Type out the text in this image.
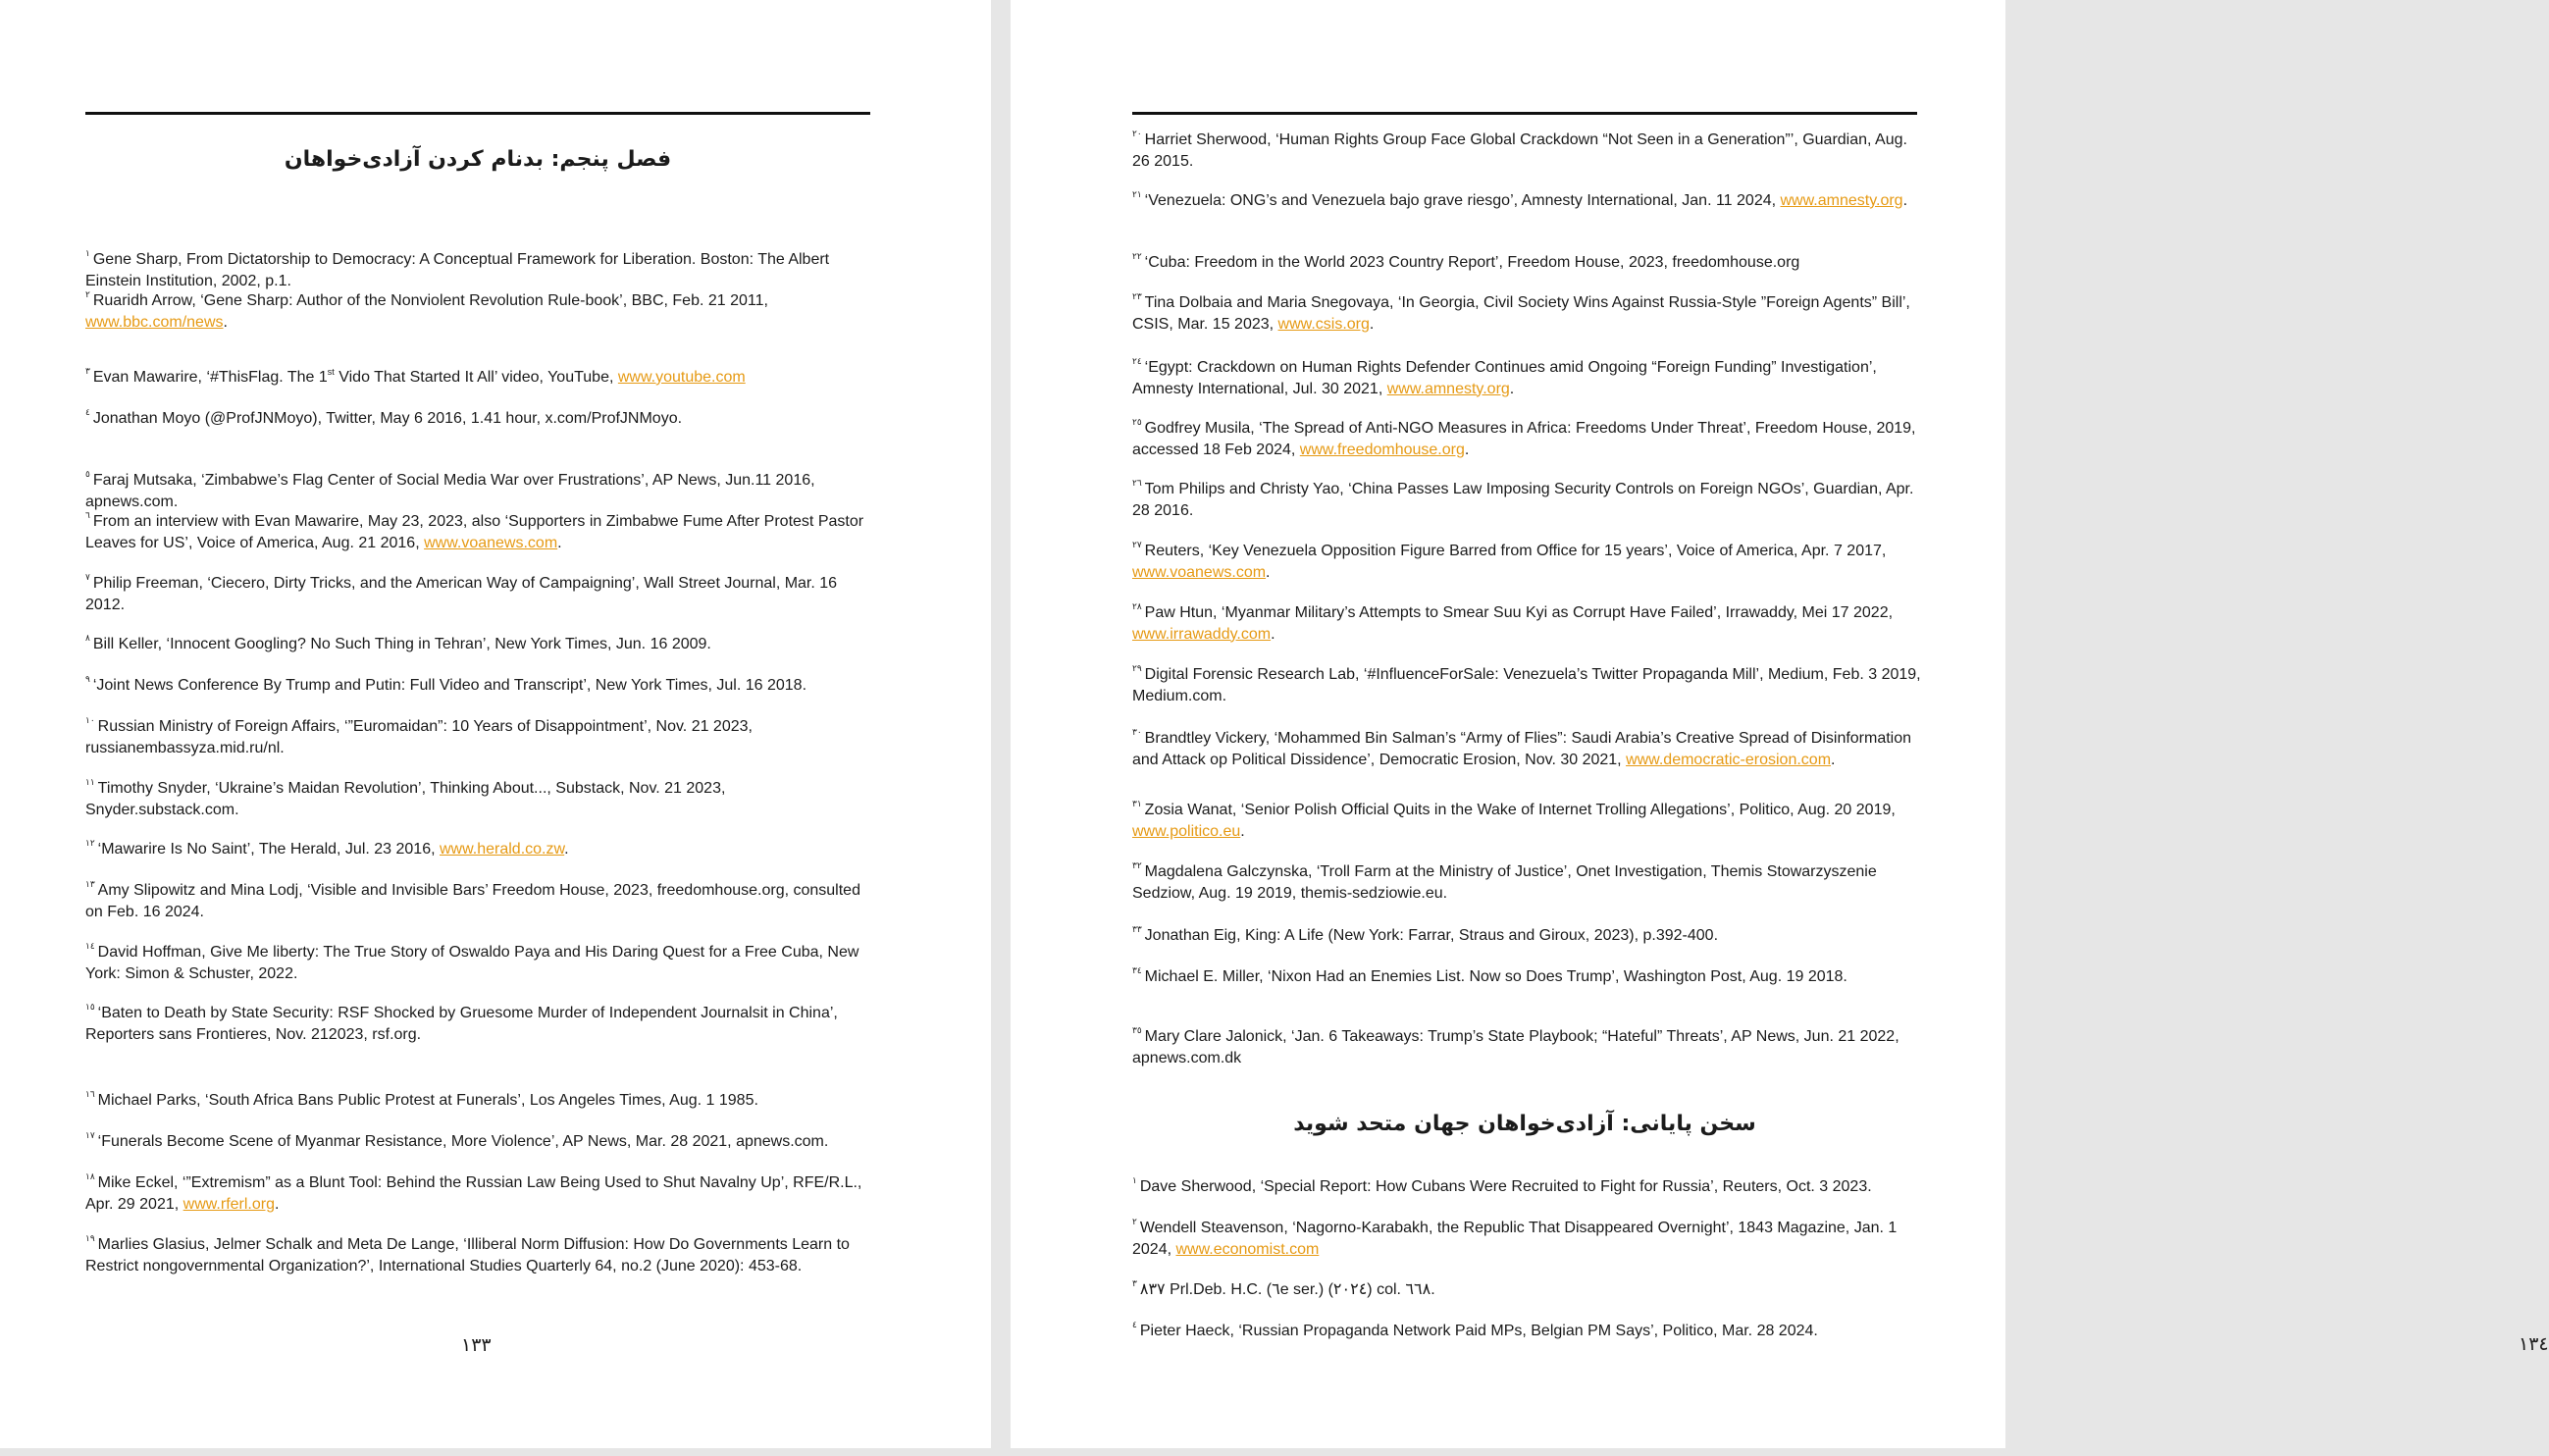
فصل پنجم: بدنام کردن آزادی‌خواهان

$^١$ Gene Sharp, From Dictatorship to Democracy: A Conceptual Framework for Liberation. Boston: The Albert Einstein Institution, 2002, p.1.

$^٢$ Ruaridh Arrow, ‘Gene Sharp: Author of the Nonviolent Revolution Rule-book’, BBC, Feb. 21 2011, www.bbc.com/news.

$^٣$ Evan Mawarire, ‘#ThisFlag. The 1st Vido That Started It All’ video, YouTube, www.youtube.com

$^٤$ Jonathan Moyo (@ProfJNMoyo), Twitter, May 6 2016, 1.41 hour, x.com/ProfJNMoyo.

$^٥$ Faraj Mutsaka, ‘Zimbabwe’s Flag Center of Social Media War over Frustrations’, AP News, Jun.11 2016, apnews.com.

$^٦$ From an interview with Evan Mawarire, May 23, 2023, also ‘Supporters in Zimbabwe Fume After Protest Pastor Leaves for US’, Voice of America, Aug. 21 2016, www.voanews.com.

$^٧$ Philip Freeman, ‘Ciecero, Dirty Tricks, and the American Way of Campaigning’, Wall Street Journal, Mar. 16 2012.

$^٨$ Bill Keller, ‘Innocent Googling? No Such Thing in Tehran’, New York Times, Jun. 16 2009.

$^٩$ ‘Joint News Conference By Trump and Putin: Full Video and Transcript’, New York Times, Jul. 16 2018.

$^{١٠}$ Russian Ministry of Foreign Affairs, ‘”Euromaidan”: 10 Years of Disappointment’, Nov. 21 2023, russianembassyza.mid.ru/nl.

$^{١١}$ Timothy Snyder, ‘Ukraine’s Maidan Revolution’, Thinking About..., Substack, Nov. 21 2023, Snyder.substack.com.

$^{١٢}$ ‘Mawarire Is No Saint’, The Herald, Jul. 23 2016, www.herald.co.zw.

$^{١٣}$ Amy Slipowitz and Mina Lodj, ‘Visible and Invisible Bars’ Freedom House, 2023, freedomhouse.org, consulted on Feb. 16 2024.

$^{١٤}$ David Hoffman, Give Me liberty: The True Story of Oswaldo Paya and His Daring Quest for a Free Cuba, New York: Simon & Schuster, 2022.

$^{١٥}$ ‘Baten to Death by State Security: RSF Shocked by Gruesome Murder of Independent Journalsit in China’, Reporters sans Frontieres, Nov. 212023, rsf.org.

$^{١٦}$ Michael Parks, ‘South Africa Bans Public Protest at Funerals’, Los Angeles Times, Aug. 1 1985.

$^{١٧}$ ‘Funerals Become Scene of Myanmar Resistance, More Violence’, AP News, Mar. 28 2021, apnews.com.

$^{١٨}$ Mike Eckel, ‘”Extremism” as a Blunt Tool: Behind the Russian Law Being Used to Shut Navalny Up’, RFE/R.L., Apr. 29 2021, www.rferl.org.

$^{١٩}$ Marlies Glasius, Jelmer Schalk and Meta De Lange, ‘Illiberal Norm Diffusion: How Do Governments Learn to Restrict nongovernmental Organization?’, International Studies Quarterly 64, no.2 (June 2020): 453-68.

١٣٣

$^{٢٠}$ Harriet Sherwood, ‘Human Rights Group Face Global Crackdown “Not Seen in a Generation”’, Guardian, Aug. 26 2015.

$^{٢١}$ ‘Venezuela: ONG’s and Venezuela bajo grave riesgo’, Amnesty International, Jan. 11 2024, www.amnesty.org.

$^{٢٢}$ ‘Cuba: Freedom in the World 2023 Country Report’, Freedom House, 2023, freedomhouse.org

$^{٢٣}$ Tina Dolbaia and Maria Snegovaya, ‘In Georgia, Civil Society Wins Against Russia-Style ”Foreign Agents” Bill’, CSIS, Mar. 15 2023, www.csis.org.

$^{٢٤}$ ‘Egypt: Crackdown on Human Rights Defender Continues amid Ongoing “Foreign Funding” Investigation’, Amnesty International, Jul. 30 2021, www.amnesty.org.

$^{٢٥}$ Godfrey Musila, ‘The Spread of Anti-NGO Measures in Africa: Freedoms Under Threat’, Freedom House, 2019, accessed 18 Feb 2024, www.freedomhouse.org.

$^{٢٦}$ Tom Philips and Christy Yao, ‘China Passes Law Imposing Security Controls on Foreign NGOs’, Guardian, Apr. 28 2016.

$^{٢٧}$ Reuters, ‘Key Venezuela Opposition Figure Barred from Office for 15 years’, Voice of America, Apr. 7 2017, www.voanews.com.

$^{٢٨}$ Paw Htun, ‘Myanmar Military’s Attempts to Smear Suu Kyi as Corrupt Have Failed’, Irrawaddy, Mei 17 2022, www.irrawaddy.com.

$^{٢٩}$ Digital Forensic Research Lab, ‘#InfluenceForSale: Venezuela’s Twitter Propaganda Mill’, Medium, Feb. 3 2019, Medium.com.

$^{٣٠}$ Brandtley Vickery, ‘Mohammed Bin Salman’s “Army of Flies”: Saudi Arabia’s Creative Spread of Disinformation and Attack op Political Dissidence’, Democratic Erosion, Nov. 30 2021, www.democratic-erosion.com.

$^{٣١}$ Zosia Wanat, ‘Senior Polish Official Quits in the Wake of Internet Trolling Allegations’, Politico, Aug. 20 2019, www.politico.eu.

$^{٣٢}$ Magdalena Galczynska, ‘Troll Farm at the Ministry of Justice’, Onet Investigation, Themis Stowarzyszenie Sedziow, Aug. 19 2019, themis-sedziowie.eu.

$^{٣٣}$ Jonathan Eig, King: A Life (New York: Farrar, Straus and Giroux, 2023), p.392-400.

$^{٣٤}$ Michael E. Miller, ‘Nixon Had an Enemies List. Now so Does Trump’, Washington Post, Aug. 19 2018.

$^{٣٥}$ Mary Clare Jalonick, ‘Jan. 6 Takeaways: Trump’s State Playbook; “Hateful” Threats’, AP News, Jun. 21 2022, apnews.com.dk

سخن پایانی: آزادی‌خواهان جهان متحد شوید

$^١$ Dave Sherwood, ‘Special Report: How Cubans Were Recruited to Fight for Russia’, Reuters, Oct. 3 2023.

$^٢$ Wendell Steavenson, ‘Nagorno-Karabakh, the Republic That Disappeared Overnight’, 1843 Magazine, Jan. 1 2024, www.economist.com

$^٣$ ٨٣٧ Prl.Deb. H.C. (٦e ser.) (٢٠٢٤) col. ٦٦٨.

$^٤$ Pieter Haeck, ‘Russian Propaganda Network Paid MPs, Belgian PM Says’, Politico, Mar. 28 2024.

١٣٤
